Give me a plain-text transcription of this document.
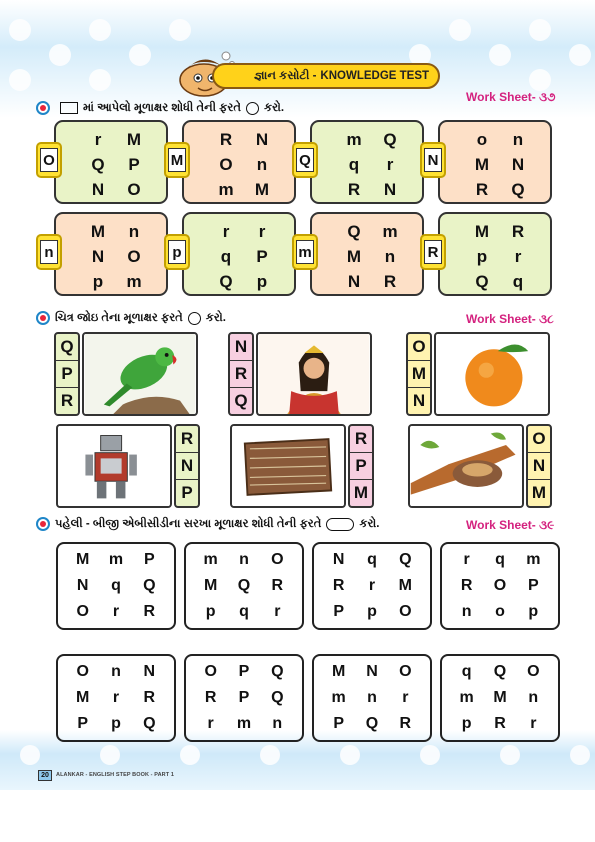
જ્ઞાન કસોટી - KNOWLEDGE TEST
Work Sheet- ૩૭
Work Sheet- ૩૮
Work Sheet- ૩૯
માં આપેલો મૂળાક્ષર શોધી તેની ફરતે કરો.
r	M
Q	P
N	O
O
R	N
O	n
m	M
M
m	Q
q	r
R	N
Q
o	n
M	N
R	Q
N
M	n
N	O
p	m
n
r	r
q	P
Q	p
p
Q	m
M	n
N	R
m
M	R
p	r
Q	q
R
ચિત્ર જોઇ તેના મૂળાક્ષર ફરતે કરો.
Q
P
R
N
R
Q
O
M
N
R
N
P
R
P
M
O
N
M
પહેલી - બીજી એબીસીડીના સરખા મૂળાક્ષર શોધી તેની ફરતે	કરો.
M	m	P
N	q	Q
O	r	R
m	n	O
M	Q	R
p	q	r
N	q	Q
R	r	M
P	p	O
r	q	m
R	O	P
n	o	p
O	n	N
M	r	R
P	p	Q
O	P	Q
R	P	Q
r	m	n
M	N	O
m	n	r
P	Q	R
q	Q	O
m	M	n
p	R	r
20	ALANKAR - ENGLISH STEP BOOK - PART 1
